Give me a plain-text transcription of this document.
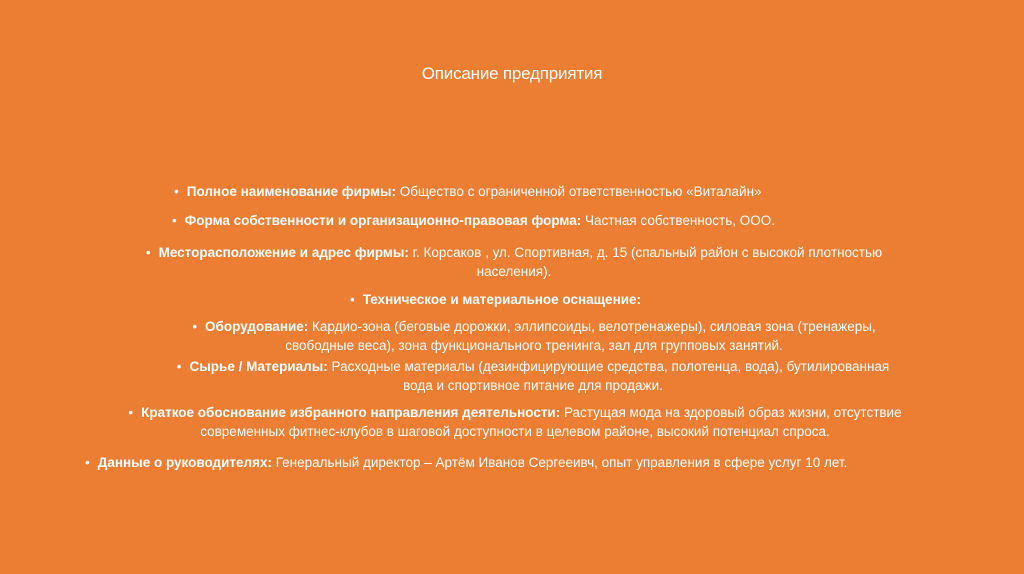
Описание предприятия
• Полное наименование фирмы: Общество с ограниченной ответственностью «Виталайн»
• Форма собственности и организационно-правовая форма: Частная собственность, ООО.
• Месторасположение и адрес фирмы: г. Корсаков , ул. Спортивная, д. 15 (спальный район с высокой плотностью
населения).
• Техническое и материальное оснащение:
• Оборудование: Кардио-зона (беговые дорожки, эллипсоиды, велотренажеры), силовая зона (тренажеры,
свободные веса), зона функционального тренинга, зал для групповых занятий.
• Сырье / Материалы: Расходные материалы (дезинфицирующие средства, полотенца, вода), бутилированная
вода и спортивное питание для продажи.
• Краткое обоснование избранного направления деятельности: Растущая мода на здоровый образ жизни, отсутствие
современных фитнес-клубов в шаговой доступности в целевом районе, высокий потенциал спроса.
• Данные о руководителях: Генеральный директор – Артём Иванов Сергееивч, опыт управления в сфере услуг 10 лет.
